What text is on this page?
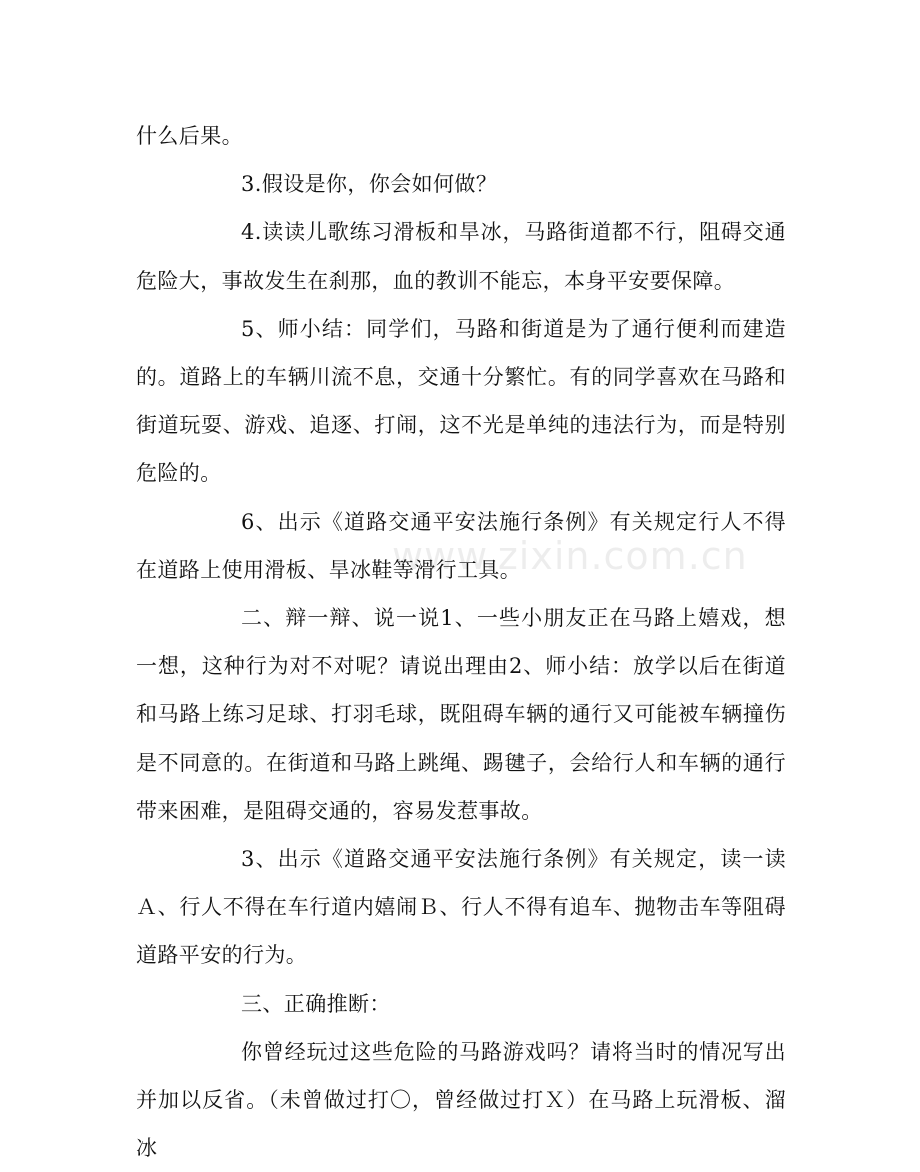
什么后果。

3.假设是你，你会如何做？

4.读读儿歌练习滑板和旱冰，马路街道都不行，阻碍交通危险大，事故发生在刹那，血的教训不能忘，本身平安要保障。

5、师小结：同学们，马路和街道是为了通行便利而建造的。道路上的车辆川流不息，交通十分繁忙。有的同学喜欢在马路和街道玩耍、游戏、追逐、打闹，这不光是单纯的违法行为，而是特别危险的。

6、出示《道路交通平安法施行条例》有关规定行人不得在道路上使用滑板、旱冰鞋等滑行工具。

二、辩一辩、说一说1、一些小朋友正在马路上嬉戏，想一想，这种行为对不对呢？请说出理由2、师小结：放学以后在街道和马路上练习足球、打羽毛球，既阻碍车辆的通行又可能被车辆撞伤是不同意的。在街道和马路上跳绳、踢毽子，会给行人和车辆的通行带来困难，是阻碍交通的，容易发惹事故。

3、出示《道路交通平安法施行条例》有关规定，读一读Ａ、行人不得在车行道内嬉闹Ｂ、行人不得有追车、抛物击车等阻碍道路平安的行为。

三、正确推断：

你曾经玩过这些危险的马路游戏吗？请将当时的情况写出并加以反省。（未曾做过打〇，曾经做过打Ｘ）在马路上玩滑板、溜冰

www.zixin.com.cn
